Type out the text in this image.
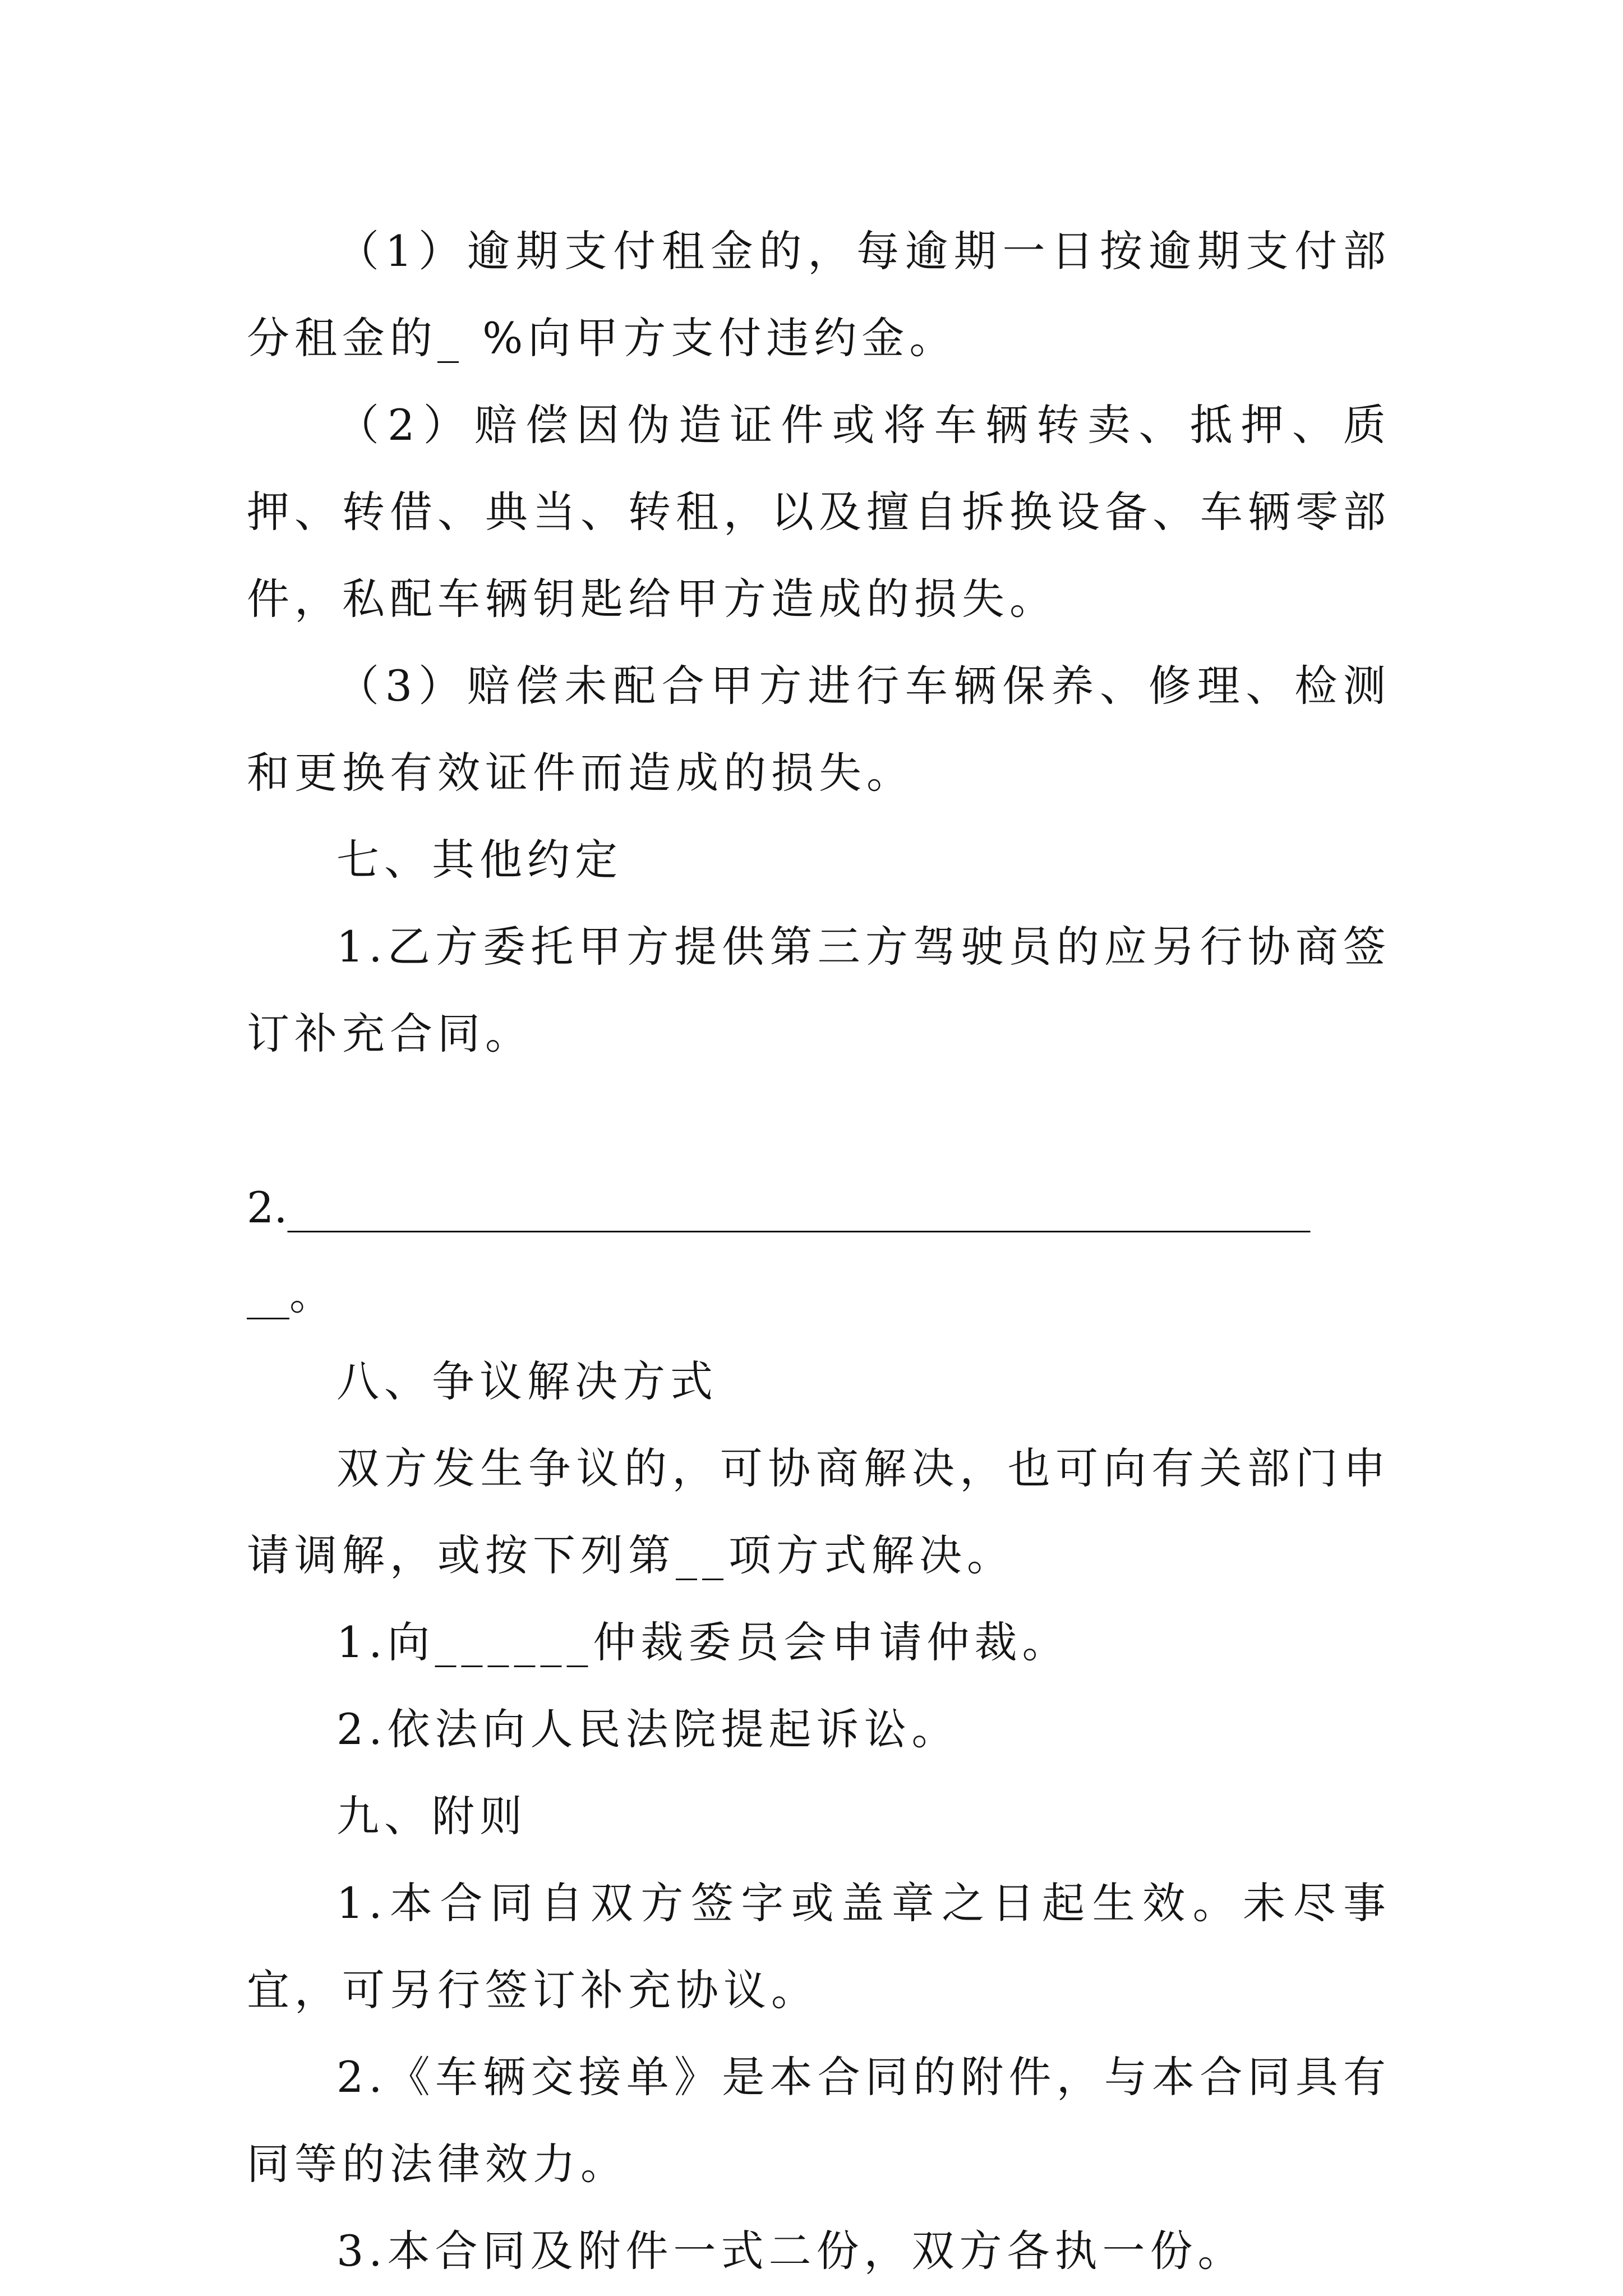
（1）逾期支付租金的，每逾期一日按逾期支付部分租金的_ %向甲方支付违约金。

（2）赔偿因伪造证件或将车辆转卖、抵押、质押、转借、典当、转租，以及擅自拆换设备、车辆零部件，私配车辆钥匙给甲方造成的损失。

（3）赔偿未配合甲方进行车辆保养、修理、检测和更换有效证件而造成的损失。

七、其他约定

1.乙方委托甲方提供第三方驾驶员的应另行协商签订补充合同。

2.________________________________________________
__。

八、争议解决方式

双方发生争议的，可协商解决，也可向有关部门申请调解，或按下列第__项方式解决。

1.向______仲裁委员会申请仲裁。

2.依法向人民法院提起诉讼。

九、附则

1.本合同自双方签字或盖章之日起生效。未尽事宜，可另行签订补充协议。

2.《车辆交接单》是本合同的附件，与本合同具有同等的法律效力。

3.本合同及附件一式二份，双方各执一份。
